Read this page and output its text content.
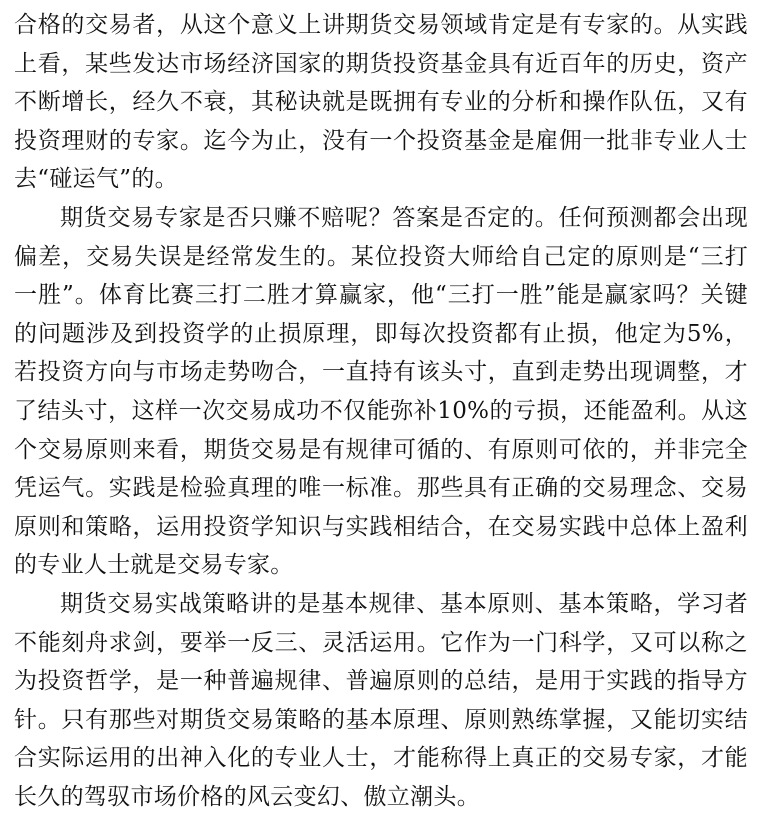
合格的交易者，从这个意义上讲期货交易领域肯定是有专家的。从实践上看，某些发达市场经济国家的期货投资基金具有近百年的历史，资产不断增长，经久不衰，其秘诀就是既拥有专业的分析和操作队伍，又有投资理财的专家。迄今为止，没有一个投资基金是雇佣一批非专业人士去“碰运气”的。

期货交易专家是否只赚不赔呢？答案是否定的。任何预测都会出现偏差，交易失误是经常发生的。某位投资大师给自己定的原则是“三打一胜”。体育比赛三打二胜才算赢家，他“三打一胜”能是赢家吗？关键的问题涉及到投资学的止损原理，即每次投资都有止损，他定为5%，若投资方向与市场走势吻合，一直持有该头寸，直到走势出现调整，才了结头寸，这样一次交易成功不仅能弥补10%的亏损，还能盈利。从这个交易原则来看，期货交易是有规律可循的、有原则可依的，并非完全凭运气。实践是检验真理的唯一标准。那些具有正确的交易理念、交易原则和策略，运用投资学知识与实践相结合，在交易实践中总体上盈利的专业人士就是交易专家。

期货交易实战策略讲的是基本规律、基本原则、基本策略，学习者不能刻舟求剑，要举一反三、灵活运用。它作为一门科学，又可以称之为投资哲学，是一种普遍规律、普遍原则的总结，是用于实践的指导方针。只有那些对期货交易策略的基本原理、原则熟练掌握，又能切实结合实际运用的出神入化的专业人士，才能称得上真正的交易专家，才能长久的驾驭市场价格的风云变幻、傲立潮头。
